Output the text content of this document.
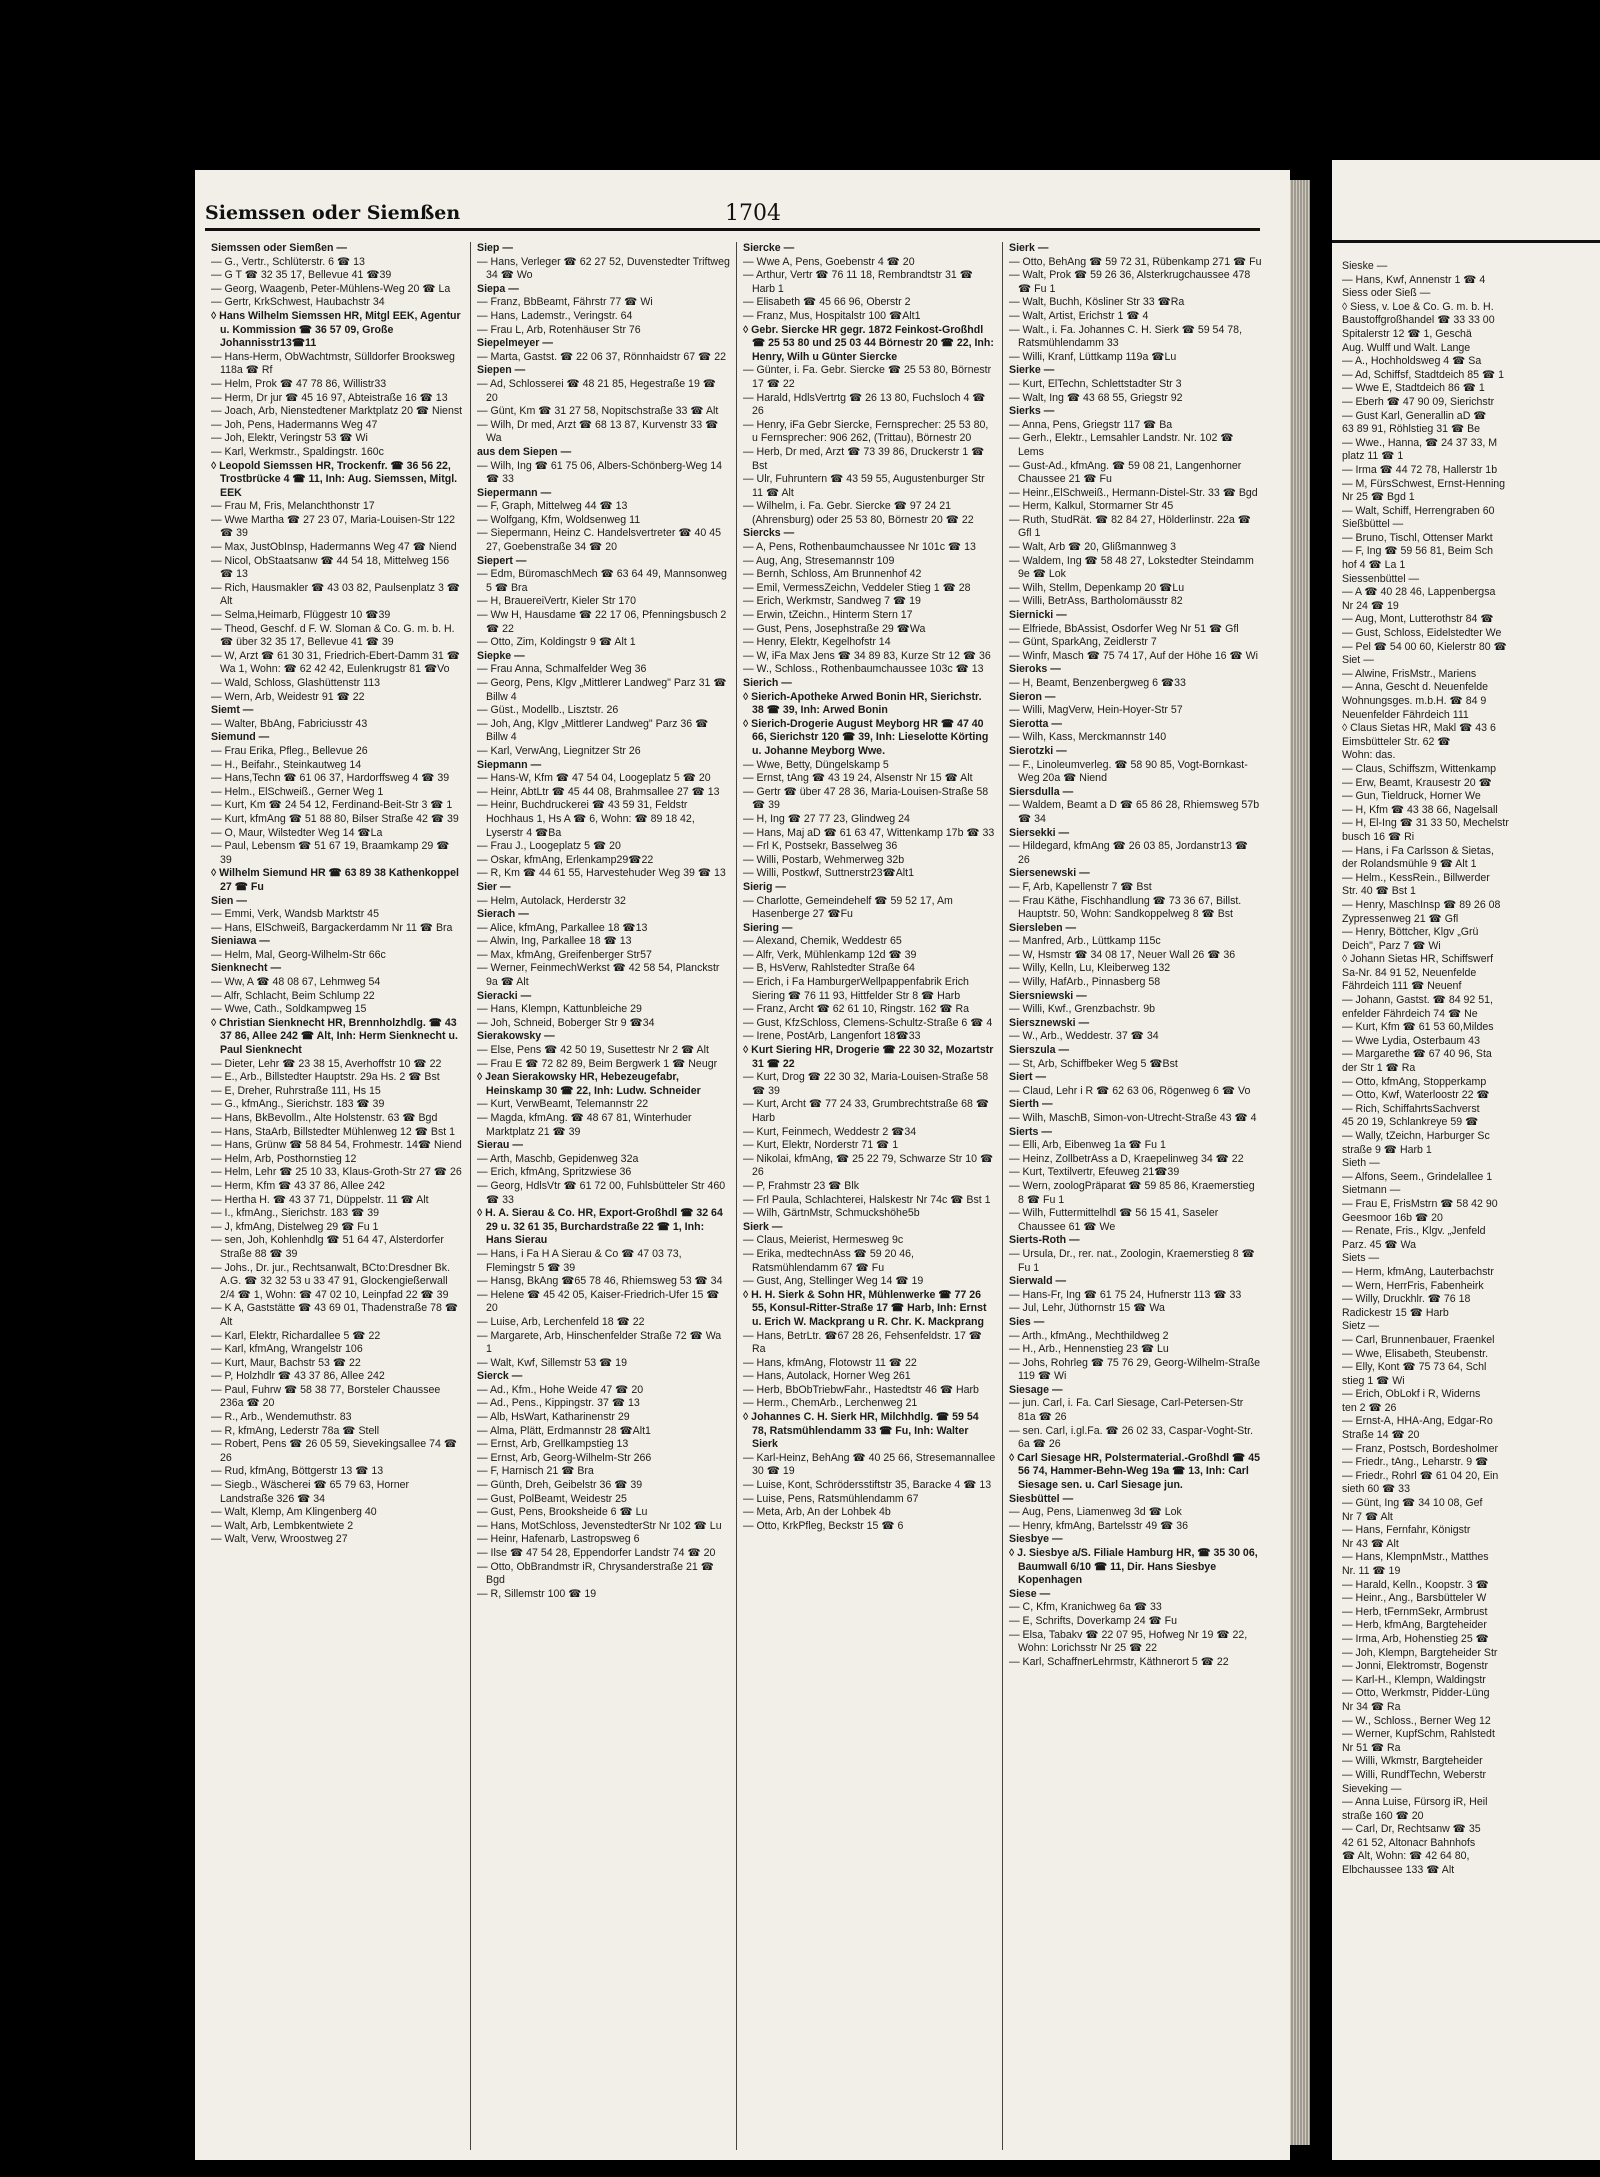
Siemssen oder Siemßen	1704

Siemssen oder Siemßen —

— G., Vertr., Schlüterstr. 6 ☎ 13

— G T ☎ 32 35 17, Bellevue 41 ☎39

— Georg, Waagenb, Peter-Mühlens-Weg 20 ☎ La

— Gertr, KrkSchwest, Haubachstr 34

◊ Hans Wilhelm Siemssen HR, Mitgl EEK, Agentur u. Kommission ☎ 36 57 09, Große Johannisstr13☎11

— Hans-Herm, ObWachtmstr, Sülldorfer Brooksweg 118a ☎ Rf

— Helm, Prok ☎ 47 78 86, Willistr33

— Herm, Dr jur ☎ 45 16 97, Abteistraße 16 ☎ 13

— Joach, Arb, Nienstedtener Marktplatz 20 ☎ Nienst

— Joh, Pens, Hadermanns Weg 47

— Joh, Elektr, Veringstr 53 ☎ Wi

— Karl, Werkmstr., Spaldingstr. 160c

◊ Leopold Siemssen HR, Trockenfr. ☎ 36 56 22, Trostbrücke 4 ☎ 11, Inh: Aug. Siemssen, Mitgl. EEK

— Frau M, Fris, Melanchthonstr 17

— Wwe Martha ☎ 27 23 07, Maria-Louisen-Str 122 ☎ 39

— Max, JustObInsp, Hadermanns Weg 47 ☎ Niend

— Nicol, ObStaatsanw ☎ 44 54 18, Mittelweg 156 ☎ 13

— Rich, Hausmakler ☎ 43 03 82, Paulsenplatz 3 ☎ Alt

— Selma,Heimarb, Flüggestr 10 ☎39

— Theod, Geschf. d F. W. Sloman & Co. G. m. b. H. ☎ über 32 35 17, Bellevue 41 ☎ 39

— W, Arzt ☎ 61 30 31, Friedrich-Ebert-Damm 31 ☎ Wa 1, Wohn: ☎ 62 42 42, Eulenkrugstr 81 ☎Vo

— Wald, Schloss, Glashüttenstr 113

— Wern, Arb, Weidestr 91 ☎ 22

Siemt —

— Walter, BbAng, Fabriciusstr 43

Siemund —

— Frau Erika, Pfleg., Bellevue 26

— H., Beifahr., Steinkautweg 14

— Hans,Techn ☎ 61 06 37, Hardorffsweg 4 ☎ 39

— Helm., ElSchweiß., Gerner Weg 1

— Kurt, Km ☎ 24 54 12, Ferdinand-Beit-Str 3 ☎ 1

— Kurt, kfmAng ☎ 51 88 80, Bilser Straße 42 ☎ 39

— O, Maur, Wilstedter Weg 14 ☎La

— Paul, Lebensm ☎ 51 67 19, Braamkamp 29 ☎ 39

◊ Wilhelm Siemund HR ☎ 63 89 38 Kathenkoppel 27 ☎ Fu

Sien —

— Emmi, Verk, Wandsb Marktstr 45

— Hans, ElSchweiß, Bargackerdamm Nr 11 ☎ Bra

Sieniawa —

— Helm, Mal, Georg-Wilhelm-Str 66c

Sienknecht —

— Ww, A ☎ 48 08 67, Lehmweg 54

— Alfr, Schlacht, Beim Schlump 22

— Wwe, Cath., Soldkampweg 15

◊ Christian Sienknecht HR, Brennholzhdlg. ☎ 43 37 86, Allee 242 ☎ Alt, Inh: Herm Sienknecht u. Paul Sienknecht

— Dieter, Lehr ☎ 23 38 15, Averhoffstr 10 ☎ 22

— E., Arb., Billstedter Hauptstr. 29a Hs. 2 ☎ Bst

— E, Dreher, Ruhrstraße 111, Hs 15

— G., kfmAng., Sierichstr. 183 ☎ 39

— Hans, BkBevollm., Alte Holstenstr. 63 ☎ Bgd

— Hans, StaArb, Billstedter Mühlenweg 12 ☎ Bst 1

— Hans, Grünw ☎ 58 84 54, Frohmestr. 14☎ Niend

— Helm, Arb, Posthornstieg 12

— Helm, Lehr ☎ 25 10 33, Klaus-Groth-Str 27 ☎ 26

— Herm, Kfm ☎ 43 37 86, Allee 242

— Hertha H. ☎ 43 37 71, Düppelstr. 11 ☎ Alt

— I., kfmAng., Sierichstr. 183 ☎ 39

— J, kfmAng, Distelweg 29 ☎ Fu 1

— sen, Joh, Kohlenhdlg ☎ 51 64 47, Alsterdorfer Straße 88 ☎ 39

— Johs., Dr. jur., Rechtsanwalt, BCto:Dresdner Bk. A.G. ☎ 32 32 53 u 33 47 91, Glockengießerwall 2/4 ☎ 1, Wohn: ☎ 47 02 10, Leinpfad 22 ☎ 39

— K A, Gaststätte ☎ 43 69 01, Thadenstraße 78 ☎ Alt

— Karl, Elektr, Richardallee 5 ☎ 22

— Karl, kfmAng, Wrangelstr 106

— Kurt, Maur, Bachstr 53 ☎ 22

— P, Holzhdlr ☎ 43 37 86, Allee 242

— Paul, Fuhrw ☎ 58 38 77, Borsteler Chaussee 236a ☎ 20

— R., Arb., Wendemuthstr. 83

— R, kfmAng, Lederstr 78a ☎ Stell

— Robert, Pens ☎ 26 05 59, Sievekingsallee 74 ☎ 26

— Rud, kfmAng, Böttgerstr 13 ☎ 13

— Siegb., Wäscherei ☎ 65 79 63, Horner Landstraße 326 ☎ 34

— Walt, Klemp, Am Klingenberg 40

— Walt, Arb, Lembkentwiete 2

— Walt, Verw, Wroostweg 27

Siep —

— Hans, Verleger ☎ 62 27 52, Duvenstedter Triftweg 34 ☎ Wo

Siepa —

— Franz, BbBeamt, Fährstr 77 ☎ Wi

— Hans, Lademstr., Veringstr. 64

— Frau L, Arb, Rotenhäuser Str 76

Siepelmeyer —

— Marta, Gastst. ☎ 22 06 37, Rönnhaidstr 67 ☎ 22

Siepen —

— Ad, Schlosserei ☎ 48 21 85, Hegestraße 19 ☎ 20

— Günt, Km ☎ 31 27 58, Nopitschstraße 33 ☎ Alt

— Wilh, Dr med, Arzt ☎ 68 13 87, Kurvenstr 33 ☎ Wa

aus dem Siepen —

— Wilh, Ing ☎ 61 75 06, Albers-Schönberg-Weg 14 ☎ 33

Siepermann —

— F, Graph, Mittelweg 44 ☎ 13

— Wolfgang, Kfm, Woldsenweg 11

— Siepermann, Heinz C. Handelsvertreter ☎ 40 45 27, Goebenstraße 34 ☎ 20

Siepert —

— Edm, BüromaschMech ☎ 63 64 49, Mannsonweg 5 ☎ Bra

— H, BrauereiVertr, Kieler Str 170

— Ww H, Hausdame ☎ 22 17 06, Pfenningsbusch 2 ☎ 22

— Otto, Zim, Koldingstr 9 ☎ Alt 1

Siepke —

— Frau Anna, Schmalfelder Weg 36

— Georg, Pens, Klgv „Mittlerer Landweg" Parz 31 ☎ Billw 4

— Güst., Modellb., Lisztstr. 26

— Joh, Ang, Klgv „Mittlerer Landweg" Parz 36 ☎ Billw 4

— Karl, VerwAng, Liegnitzer Str 26

Siepmann —

— Hans-W, Kfm ☎ 47 54 04, Loogeplatz 5 ☎ 20

— Heinr, AbtLtr ☎ 45 44 08, Brahmsallee 27 ☎ 13

— Heinr, Buchdruckerei ☎ 43 59 31, Feldstr Hochhaus 1, Hs A ☎ 6, Wohn: ☎ 89 18 42, Lyserstr 4 ☎Ba

— Frau J., Loogeplatz 5 ☎ 20

— Oskar, kfmAng, Erlenkamp29☎22

— R, Km ☎ 44 61 55, Harvestehuder Weg 39 ☎ 13

Sier —

— Helm, Autolack, Herderstr 32

Sierach —

— Alice, kfmAng, Parkallee 18 ☎13

— Alwin, Ing, Parkallee 18 ☎ 13

— Max, kfmAng, Greifenberger Str57

— Werner, FeinmechWerkst ☎ 42 58 54, Planckstr 9a ☎ Alt

Sieracki —

— Hans, Klempn, Kattunbleiche 29

— Joh, Schneid, Boberger Str 9 ☎34

Sierakowsky —

— Else, Pens ☎ 42 50 19, Susettestr Nr 2 ☎ Alt

— Frau E ☎ 72 82 89, Beim Bergwerk 1 ☎ Neugr

◊ Jean Sierakowsky HR, Hebezeugefabr, Heinskamp 30 ☎ 22, Inh: Ludw. Schneider

— Kurt, VerwBeamt, Telemannstr 22

— Magda, kfmAng. ☎ 48 67 81, Winterhuder Marktplatz 21 ☎ 39

Sierau —

— Arth, Maschb, Gepidenweg 32a

— Erich, kfmAng, Spritzwiese 36

— Georg, HdlsVtr ☎ 61 72 00, Fuhlsbütteler Str 460 ☎ 33

◊ H. A. Sierau & Co. HR, Export-Großhdl ☎ 32 64 29 u. 32 61 35, Burchardstraße 22 ☎ 1, Inh: Hans Sierau

— Hans, i Fa H A Sierau & Co ☎ 47 03 73, Flemingstr 5 ☎ 39

— Hansg, BkAng ☎65 78 46, Rhiemsweg 53 ☎ 34

— Helene ☎ 45 42 05, Kaiser-Friedrich-Ufer 15 ☎ 20

— Luise, Arb, Lerchenfeld 18 ☎ 22

— Margarete, Arb, Hinschenfelder Straße 72 ☎ Wa 1

— Walt, Kwf, Sillemstr 53 ☎ 19

Sierck —

— Ad., Kfm., Hohe Weide 47 ☎ 20

— Ad., Pens., Kippingstr. 37 ☎ 13

— Alb, HsWart, Katharinenstr 29

— Alma, Plätt, Erdmannstr 28 ☎Alt1

— Ernst, Arb, Grellkampstieg 13

— Ernst, Arb, Georg-Wilhelm-Str 266

— F, Harnisch 21 ☎ Bra

— Günth, Dreh, Geibelstr 36 ☎ 39

— Gust, PolBeamt, Weidestr 25

— Gust, Pens, Brooksheide 6 ☎ Lu

— Hans, MotSchloss, JevenstedterStr Nr 102 ☎ Lu

— Heinr, Hafenarb, Lastropsweg 6

— Ilse ☎ 47 54 28, Eppendorfer Landstr 74 ☎ 20

— Otto, ObBrandmstr iR, Chrysanderstraße 21 ☎ Bgd

— R, Sillemstr 100 ☎ 19

Siercke —

— Wwe A, Pens, Goebenstr 4 ☎ 20

— Arthur, Vertr ☎ 76 11 18, Rembrandtstr 31 ☎ Harb 1

— Elisabeth ☎ 45 66 96, Oberstr 2

— Franz, Mus, Hospitalstr 100 ☎Alt1

◊ Gebr. Siercke HR gegr. 1872 Feinkost-Großhdl ☎ 25 53 80 und 25 03 44 Börnestr 20 ☎ 22, Inh: Henry, Wilh u Günter Siercke

— Günter, i. Fa. Gebr. Siercke ☎ 25 53 80, Börnestr 17 ☎ 22

— Harald, HdlsVertrtg ☎ 26 13 80, Fuchsloch 4 ☎ 26

— Henry, iFa Gebr Siercke, Fernsprecher: 25 53 80, u Fernsprecher: 906 262, (Trittau), Börnestr 20

— Herb, Dr med, Arzt ☎ 73 39 86, Druckerstr 1 ☎ Bst

— Ulr, Fuhruntern ☎ 43 59 55, Augustenburger Str 11 ☎ Alt

— Wilhelm, i. Fa. Gebr. Siercke ☎ 97 24 21 (Ahrensburg) oder 25 53 80, Börnestr 20 ☎ 22

Siercks —

— A, Pens, Rothenbaumchaussee Nr 101c ☎ 13

— Aug, Ang, Stresemannstr 109

— Bernh, Schloss, Am Brunnenhof 42

— Emil, VermessZeichn, Veddeler Stieg 1 ☎ 28

— Erich, Werkmstr, Sandweg 7 ☎ 19

— Erwin, tZeichn., Hinterm Stern 17

— Gust, Pens, Josephstraße 29 ☎Wa

— Henry, Elektr, Kegelhofstr 14

— W, iFa Max Jens ☎ 34 89 83, Kurze Str 12 ☎ 36

— W., Schloss., Rothenbaumchaussee 103c ☎ 13

Sierich —

◊ Sierich-Apotheke Arwed Bonin HR, Sierichstr. 38 ☎ 39, Inh: Arwed Bonin

◊ Sierich-Drogerie August Meyborg HR ☎ 47 40 66, Sierichstr 120 ☎ 39, Inh: Lieselotte Körting u. Johanne Meyborg Wwe.

— Wwe, Betty, Düngelskamp 5

— Ernst, tAng ☎ 43 19 24, Alsenstr Nr 15 ☎ Alt

— Gertr ☎ über 47 28 36, Maria-Louisen-Straße 58 ☎ 39

— H, Ing ☎ 27 77 23, Glindweg 24

— Hans, Maj aD ☎ 61 63 47, Wittenkamp 17b ☎ 33

— Frl K, Postsekr, Basselweg 36

— Willi, Postarb, Wehmerweg 32b

— Willi, Postkwf, Suttnerstr23☎Alt1

Sierig —

— Charlotte, Gemeindehelf ☎ 59 52 17, Am Hasenberge 27 ☎Fu

Siering —

— Alexand, Chemik, Weddestr 65

— Alfr, Verk, Mühlenkamp 12d ☎ 39

— B, HsVerw, Rahlstedter Straße 64

— Erich, i Fa HamburgerWellpappenfabrik Erich Siering ☎ 76 11 93, Hittfelder Str 8 ☎ Harb

— Franz, Archt ☎ 62 61 10, Ringstr. 162 ☎ Ra

— Gust, KfzSchloss, Clemens-Schultz-Straße 6 ☎ 4

— Irene, PostArb, Langenfort 18☎33

◊ Kurt Siering HR, Drogerie ☎ 22 30 32, Mozartstr 31 ☎ 22

— Kurt, Drog ☎ 22 30 32, Maria-Louisen-Straße 58 ☎ 39

— Kurt, Archt ☎ 77 24 33, Grumbrechtstraße 68 ☎ Harb

— Kurt, Feinmech, Weddestr 2 ☎34

— Kurt, Elektr, Norderstr 71 ☎ 1

— Nikolai, kfmAng, ☎ 25 22 79, Schwarze Str 10 ☎ 26

— P, Frahmstr 23 ☎ Blk

— Frl Paula, Schlachterei, Halskestr Nr 74c ☎ Bst 1

— Wilh, GärtnMstr, Schmuckshöhe5b

Sierk —

— Claus, Meierist, Hermesweg 9c

— Erika, medtechnAss ☎ 59 20 46, Ratsmühlendamm 67 ☎ Fu

— Gust, Ang, Stellinger Weg 14 ☎ 19

◊ H. H. Sierk & Sohn HR, Mühlenwerke ☎ 77 26 55, Konsul-Ritter-Straße 17 ☎ Harb, Inh: Ernst u. Erich W. Mackprang u R. Chr. K. Mackprang

— Hans, BetrLtr. ☎67 28 26, Fehsenfeldstr. 17 ☎ Ra

— Hans, kfmAng, Flotowstr 11 ☎ 22

— Hans, Autolack, Horner Weg 261

— Herb, BbObTriebwFahr., Hastedtstr 46 ☎ Harb

— Herm., ChemArb., Lerchenweg 21

◊ Johannes C. H. Sierk HR, Milchhdlg. ☎ 59 54 78, Ratsmühlendamm 33 ☎ Fu, Inh: Walter Sierk

— Karl-Heinz, BehAng ☎ 40 25 66, Stresemannallee 30 ☎ 19

— Luise, Kont, Schrödersstiftstr 35, Baracke 4 ☎ 13

— Luise, Pens, Ratsmühlendamm 67

— Meta, Arb, An der Lohbek 4b

— Otto, KrkPfleg, Beckstr 15 ☎ 6

Sierk —

— Otto, BehAng ☎ 59 72 31, Rübenkamp 271 ☎ Fu

— Walt, Prok ☎ 59 26 36, Alsterkrugchaussee 478 ☎ Fu 1

— Walt, Buchh, Kösliner Str 33 ☎Ra

— Walt, Artist, Erichstr 1 ☎ 4

— Walt., i. Fa. Johannes C. H. Sierk ☎ 59 54 78, Ratsmühlendamm 33

— Willi, Kranf, Lüttkamp 119a ☎Lu

Sierke —

— Kurt, ElTechn, Schlettstadter Str 3

— Walt, Ing ☎ 43 68 55, Griegstr 92

Sierks —

— Anna, Pens, Griegstr 117 ☎ Ba

— Gerh., Elektr., Lemsahler Landstr. Nr. 102 ☎ Lems

— Gust-Ad., kfmAng. ☎ 59 08 21, Langenhorner Chaussee 21 ☎ Fu

— Heinr.,ElSchweiß., Hermann-Distel-Str. 33 ☎ Bgd

— Herm, Kalkul, Stormarner Str 45

— Ruth, StudRät. ☎ 82 84 27, Hölderlinstr. 22a ☎ Gfl 1

— Walt, Arb ☎ 20, Glißmannweg 3

— Waldem, Ing ☎ 58 48 27, Lokstedter Steindamm 9e ☎ Lok

— Wilh, Stellm, Depenkamp 20 ☎Lu

— Willi, BetrAss, Bartholomäusstr 82

Siernicki —

— Elfriede, BbAssist, Osdorfer Weg Nr 51 ☎ Gfl

— Günt, SparkAng, Zeidlerstr 7

— Winfr, Masch ☎ 75 74 17, Auf der Höhe 16 ☎ Wi

Sieroks —

— H, Beamt, Benzenbergweg 6 ☎33

Sieron —

— Willi, MagVerw, Hein-Hoyer-Str 57

Sierotta —

— Wilh, Kass, Merckmannstr 140

Sierotzki —

— F., Linoleumverleg. ☎ 58 90 85, Vogt-Bornkast-Weg 20a ☎ Niend

Siersdulla —

— Waldem, Beamt a D ☎ 65 86 28, Rhiemsweg 57b ☎ 34

Siersekki —

— Hildegard, kfmAng ☎ 26 03 85, Jordanstr13 ☎ 26

Siersenewski —

— F, Arb, Kapellenstr 7 ☎ Bst

— Frau Käthe, Fischhandlung ☎ 73 36 67, Billst. Hauptstr. 50, Wohn: Sandkoppelweg 8 ☎ Bst

Siersleben —

— Manfred, Arb., Lüttkamp 115c

— W, Hsmstr ☎ 34 08 17, Neuer Wall 26 ☎ 36

— Willy, Kelln, Lu, Kleiberweg 132

— Willy, HafArb., Pinnasberg 58

Siersniewski —

— Willi, Kwf., Grenzbachstr. 9b

Siersznewski —

— W., Arb., Weddestr. 37 ☎ 34

Sierszula —

— St, Arb, Schiffbeker Weg 5 ☎Bst

Siert —

— Claud, Lehr i R ☎ 62 63 06, Rögenweg 6 ☎ Vo

Sierth —

— Wilh, MaschB, Simon-von-Utrecht-Straße 43 ☎ 4

Sierts —

— Elli, Arb, Eibenweg 1a ☎ Fu 1

— Heinz, ZollbetrAss a D, Kraepelinweg 34 ☎ 22

— Kurt, Textilvertr, Efeuweg 21☎39

— Wern, zoologPräparat ☎ 59 85 86, Kraemerstieg 8 ☎ Fu 1

— Wilh, Futtermittelhdl ☎ 56 15 41, Saseler Chaussee 61 ☎ We

Sierts-Roth —

— Ursula, Dr., rer. nat., Zoologin, Kraemerstieg 8 ☎ Fu 1

Sierwald —

— Hans-Fr, Ing ☎ 61 75 24, Hufnerstr 113 ☎ 33

— Jul, Lehr, Jüthornstr 15 ☎ Wa

Sies —

— Arth., kfmAng., Mechthildweg 2

— H., Arb., Hennenstieg 23 ☎ Lu

— Johs, Rohrleg ☎ 75 76 29, Georg-Wilhelm-Straße 119 ☎ Wi

Siesage —

— jun. Carl, i. Fa. Carl Siesage, Carl-Petersen-Str 81a ☎ 26

— sen. Carl, i.gl.Fa. ☎ 26 02 33, Caspar-Voght-Str. 6a ☎ 26

◊ Carl Siesage HR, Polstermaterial.-Großhdl ☎ 45 56 74, Hammer-Behn-Weg 19a ☎ 13, Inh: Carl Siesage sen. u. Carl Siesage jun.

Siesbüttel —

— Aug, Pens, Liamenweg 3d ☎ Lok

— Henry, kfmAng, Bartelsstr 49 ☎ 36

Siesbye —

◊ J. Siesbye a/S. Filiale Hamburg HR, ☎ 35 30 06, Baumwall 6/10 ☎ 11, Dir. Hans Siesbye Kopenhagen

Siese —

— C, Kfm, Kranichweg 6a ☎ 33

— E, Schrifts, Doverkamp 24 ☎ Fu

— Elsa, Tabakv ☎ 22 07 95, Hofweg Nr 19 ☎ 22, Wohn: Lorichsstr Nr 25 ☎ 22

— Karl, SchaffnerLehrmstr, Käthnerort 5 ☎ 22

Sieske —
— Hans, Kwf, Annenstr 1 ☎ 4
Siess oder Sieß —
◊ Siess, v. Loe & Co. G. m. b. H.
Baustoffgroßhandel ☎ 33 33 00
Spitalerstr 12 ☎ 1, Geschä
Aug. Wulff und Walt. Lange
— A., Hochholdsweg 4 ☎ Sa
— Ad, Schiffsf, Stadtdeich 85 ☎ 1
— Wwe E, Stadtdeich 86 ☎ 1
— Eberh ☎ 47 90 09, Sierichstr
— Gust Karl, Generallin aD ☎
63 89 91, Röhlstieg 31 ☎ Be
— Wwe., Hanna, ☎ 24 37 33, M
platz 11 ☎ 1
— Irma ☎ 44 72 78, Hallerstr 1b
— M, FürsSchwest, Ernst-Henning
Nr 25 ☎ Bgd 1
— Walt, Schiff, Herrengraben 60
Sießbüttel —
— Bruno, Tischl, Ottenser Markt
— F, Ing ☎ 59 56 81, Beim Sch
hof 4 ☎ La 1
Siessenbüttel —
— A ☎ 40 28 46, Lappenbergsa
Nr 24 ☎ 19
— Aug, Mont, Lutterothstr 84 ☎
— Gust, Schloss, Eidelstedter We
— Pel ☎ 54 00 60, Kielerstr 80 ☎
Siet —
— Alwine, FrisMstr., Mariens
— Anna, Gescht d. Neuenfelde
Wohnungsges. m.b.H. ☎ 84 9
Neuenfelder Fährdeich 111
◊ Claus Sietas HR, Makl ☎ 43 6
Eimsbütteler Str. 62 ☎
Wohn: das.
— Claus, Schiffszm, Wittenkamp
— Erw, Beamt, Krausestr 20 ☎
— Gun, Tieldruck, Horner We
— H, Kfm ☎ 43 38 66, Nagelsall
— H, El-Ing ☎ 31 33 50, Mechelstr
busch 16 ☎ Ri
— Hans, i Fa Carlsson & Sietas,
der Rolandsmühle 9 ☎ Alt 1
— Helm., KessRein., Billwerder
Str. 40 ☎ Bst 1
— Henry, MaschInsp ☎ 89 26 08
Zypressenweg 21 ☎ Gfl
— Henry, Böttcher, Klgv „Grü
Deich", Parz 7 ☎ Wi
◊ Johann Sietas HR, Schiffswerf
Sa-Nr. 84 91 52, Neuenfelde
Fährdeich 111 ☎ Neuenf
— Johann, Gastst. ☎ 84 92 51,
enfelder Fährdeich 74 ☎ Ne
— Kurt, Kfm ☎ 61 53 60,Mildes
— Wwe Lydia, Osterbaum 43
— Margarethe ☎ 67 40 96, Sta
der Str 1 ☎ Ra
— Otto, kfmAng, Stopperkamp
— Otto, Kwf, Waterloostr 22 ☎
— Rich, SchiffahrtsSachverst
45 20 19, Schlankreye 59 ☎
— Wally, tZeichn, Harburger Sc
straße 9 ☎ Harb 1
Sieth —
— Alfons, Seem., Grindelallee 1
Sietmann —
— Frau E, FrisMstrn ☎ 58 42 90
Geesmoor 16b ☎ 20
— Renate, Fris., Klgv. „Jenfeld
Parz. 45 ☎ Wa
Siets —
— Herm, kfmAng, Lauterbachstr
— Wern, HerrFris, Fabenheirk
— Willy, Druckhlr. ☎ 76 18
Radickestr 15 ☎ Harb
Sietz —
— Carl, Brunnenbauer, Fraenkel
— Wwe, Elisabeth, Steubenstr.
— Elly, Kont ☎ 75 73 64, Schl
stieg 1 ☎ Wi
— Erich, ObLokf i R, Widerns
ten 2 ☎ 26
— Ernst-A, HHA-Ang, Edgar-Ro
Straße 14 ☎ 20
— Franz, Postsch, Bordesholmer
— Friedr., tAng., Leharstr. 9 ☎
— Friedr., Rohrl ☎ 61 04 20, Ein
sieth 60 ☎ 33
— Günt, Ing ☎ 34 10 08, Gef
Nr 7 ☎ Alt
— Hans, Fernfahr, Königstr
Nr 43 ☎ Alt
— Hans, KlempnMstr., Matthes
Nr. 11 ☎ 19
— Harald, Kelln., Koopstr. 3 ☎
— Heinr., Ang., Barsbütteler W
— Herb, tFernmSekr, Armbrust
— Herb, kfmAng, Bargteheider
— Irma, Arb, Hohenstieg 25 ☎
— Joh, Klempn, Bargteheider Str
— Jonni, Elektromstr, Bogenstr
— Karl-H., Klempn, Waldingstr
— Otto, Werkmstr, Pidder-Lüng
Nr 34 ☎ Ra
— W., Schloss., Berner Weg 12
— Werner, KupfSchm, Rahlstedt
Nr 51 ☎ Ra
— Willi, Wkmstr, Bargteheider
— Willi, RundfTechn, Weberstr
Sieveking —
— Anna Luise, Fürsorg iR, Heil
straße 160 ☎ 20
— Carl, Dr, Rechtsanw ☎ 35
42 61 52, Altonacr Bahnhofs
☎ Alt, Wohn: ☎ 42 64 80,
Elbchaussee 133 ☎ Alt
